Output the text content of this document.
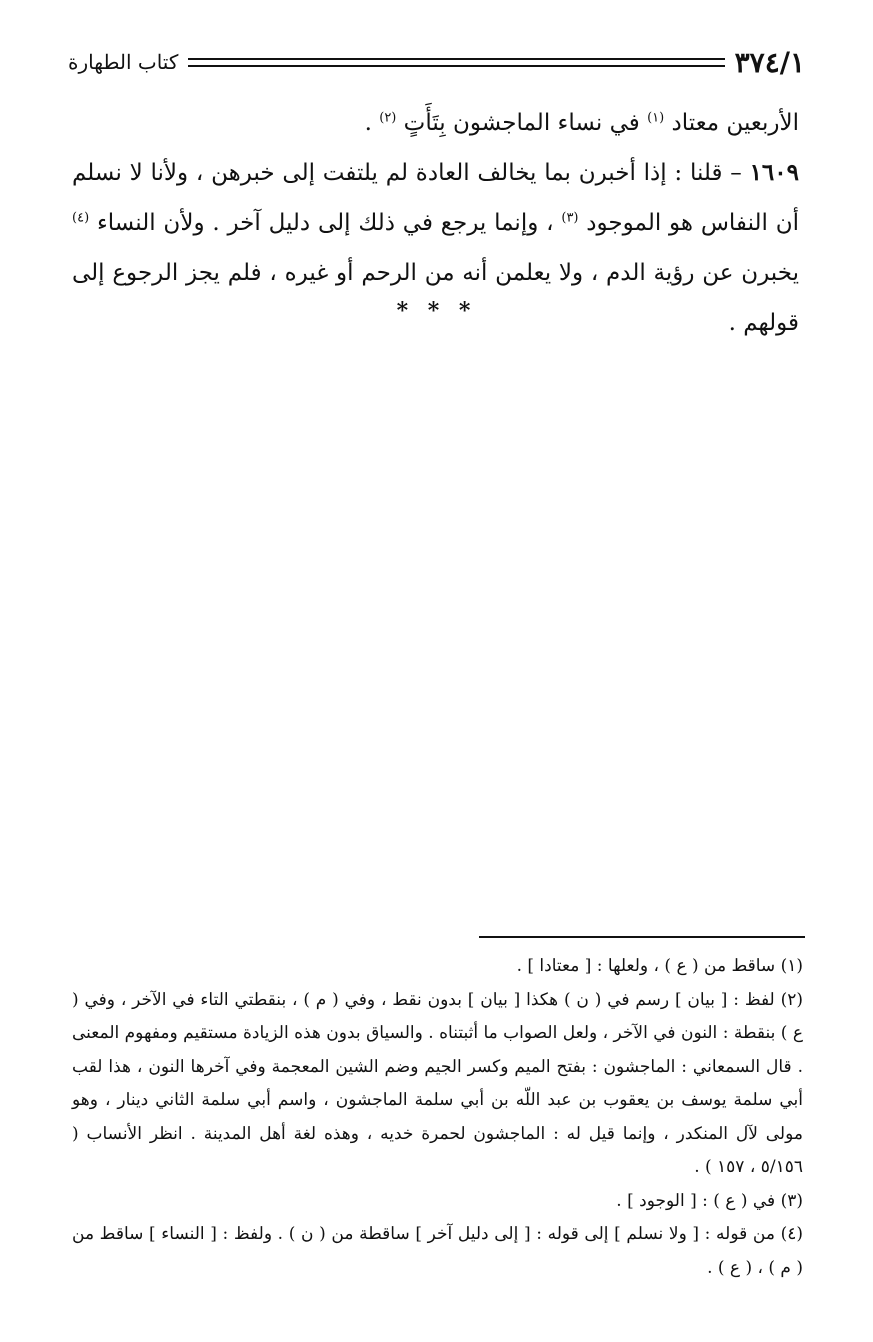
٣٧٤/١
كتاب الطهارة

الأربعين معتاد $^{(١)}$ في نساء الماجشون بِتَأَتٍ $^{(٢)}$ .

١٦٠٩ – قلنا : إذا أخبرن بما يخالف العادة لم يلتفت إلى خبرهن ، ولأنا لا نسلم أن النفاس هو الموجود $^{(٣)}$ ، وإنما يرجع في ذلك إلى دليل آخر . ولأن النساء $^{(٤)}$ يخبرن عن رؤية الدم ، ولا يعلمن أنه من الرحم أو غيره ، فلم يجز الرجوع إلى قولهم .

* * *

(١) ساقط من ( ع ) ، ولعلها : [ معتادا ] .

(٢) لفظ : [ بيان ] رسم في ( ن ) هكذا [ بيان ] بدون نقط ، وفي ( م ) ، بنقطتي التاء في الآخر ، وفي ( ع ) بنقطة : النون في الآخر ، ولعل الصواب ما أثبتناه . والسياق بدون هذه الزيادة مستقيم ومفهوم المعنى . قال السمعاني : الماجشون : بفتح الميم وكسر الجيم وضم الشين المعجمة وفي آخرها النون ، هذا لقب أبي سلمة يوسف بن يعقوب بن عبد اللّه بن أبي سلمة الماجشون ، واسم أبي سلمة الثاني دينار ، وهو مولى لآل المنكدر ، وإنما قيل له : الماجشون لحمرة خديه ، وهذه لغة أهل المدينة . انظر الأنساب ( ٥/١٥٦ ، ١٥٧ ) .

(٣) في ( ع ) : [ الوجود ] .

(٤) من قوله : [ ولا نسلم ] إلى قوله : [ إلى دليل آخر ] ساقطة من ( ن ) . ولفظ : [ النساء ] ساقط من ( م ) ، ( ع ) .
